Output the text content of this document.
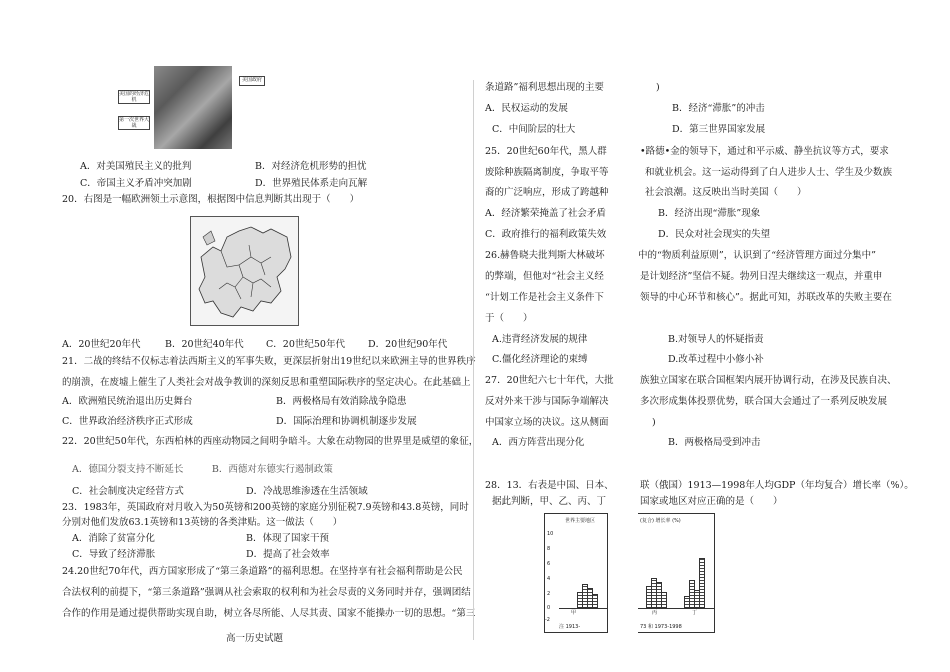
美国的经济危机
第一次世界大战
美国政府
A．对美国殖民主义的批判	B．对经济危机形势的担忧
C．帝国主义矛盾冲突加剧	D．世界殖民体系走向瓦解
20．右图是一幅欧洲领土示意图，根据图中信息判断其出现于（　　）
A．20世纪20年代	B．20世纪40年代 C．20世纪50年代 D．20世纪90年代
21．二战的终结不仅标志着法西斯主义的军事失败，更深层折射出19世纪以来欧洲主导的世界秩序
的崩溃，在废墟上催生了人类社会对战争教训的深刻反思和重塑国际秩序的坚定决心。在此基础上
A．欧洲殖民统治退出历史舞台	B．两极格局有效消除战争隐患
C．世界政治经济秩序正式形成	D．国际治理和协调机制逐步发展
22．20世纪50年代，东西柏林的西座动物园之间明争暗斗。大象在动物园的世界里是威望的象征，
A．德国分裂支持不断延长　　　B．西德对东德实行遏制政策
C．社会制度决定经营方式	D．冷战思维渗透在生活领域
23．1983年，英国政府对月收入为50英镑和200英镑的家庭分别征税7.9英镑和43.8英镑，同时
分别对他们发放63.1英镑和13英镑的各类津贴。这一做法（　　）
A．消除了贫富分化	B．体现了国家干预
C．导致了经济滞胀	D．提高了社会效率
24.20世纪70年代，西方国家形成了“第三条道路”的福利思想。在坚持享有社会福利帮助是公民
合法权利的前提下，“第三条道路”强调从社会索取的权利和为社会尽责的义务同时并存，强调团结
合作的作用是通过提供帮助实现自助，树立各尽所能、人尽其责、国家不能操办一切的思想。“第三
高一历史试题
条道路”福利思想出现的主要	)
A．民权运动的发展	B．经济“滞胀”的冲击
C．中间阶层的壮大	D．第三世界国家发展
25．20世纪60年代，黑人群	•路德•金的领导下，通过和平示威、静坐抗议等方式，要求
废除种族隔离制度，争取平等	和就业机会。这一运动得到了白人进步人士、学生及少数族
裔的广泛响应，形成了跨越种	社会浪潮。这反映出当时美国（　　）
A．经济繁荣掩盖了社会矛盾	B．经济出现“滞胀”现象
C．政府推行的福利政策失效	D．民众对社会现实的失望
26.赫鲁晓夫批判斯大林破坏	中的“物质利益原则”，认识到了“经济管理方面过分集中”
的弊端，但他对“社会主义经	是计划经济”坚信不疑。勃列日涅夫继续这一观点，并重申
“计划工作是社会主义条件下	领导的中心环节和核心”。据此可知，苏联改革的失败主要在
于（　　）
A.违背经济发展的规律	B.对领导人的怀疑指责
C.僵化经济理论的束缚	D.改革过程中小修小补
27．20世纪六七十年代，大批	族独立国家在联合国框架内展开协调行动，在涉及民族自决、
反对外来干涉与国际争端解决	多次形成集体投票优势，联合国大会通过了一系列反映发展
中国家立场的决议。这从侧面	)
A．西方阵营出现分化	B．两极格局受到冲击
28．13．右表是中国、日本、	联（俄国）1913—1998年人均GDP（年均复合）增长率（%）。
据此判断，甲、乙、丙、丁	国家或地区对应正确的是（　　）
世界主要地区
10
8
6
4
2
0
-2
甲
注 1913-
(复合) 增长率 (%)
丙	丁
73 和 1973-1998
